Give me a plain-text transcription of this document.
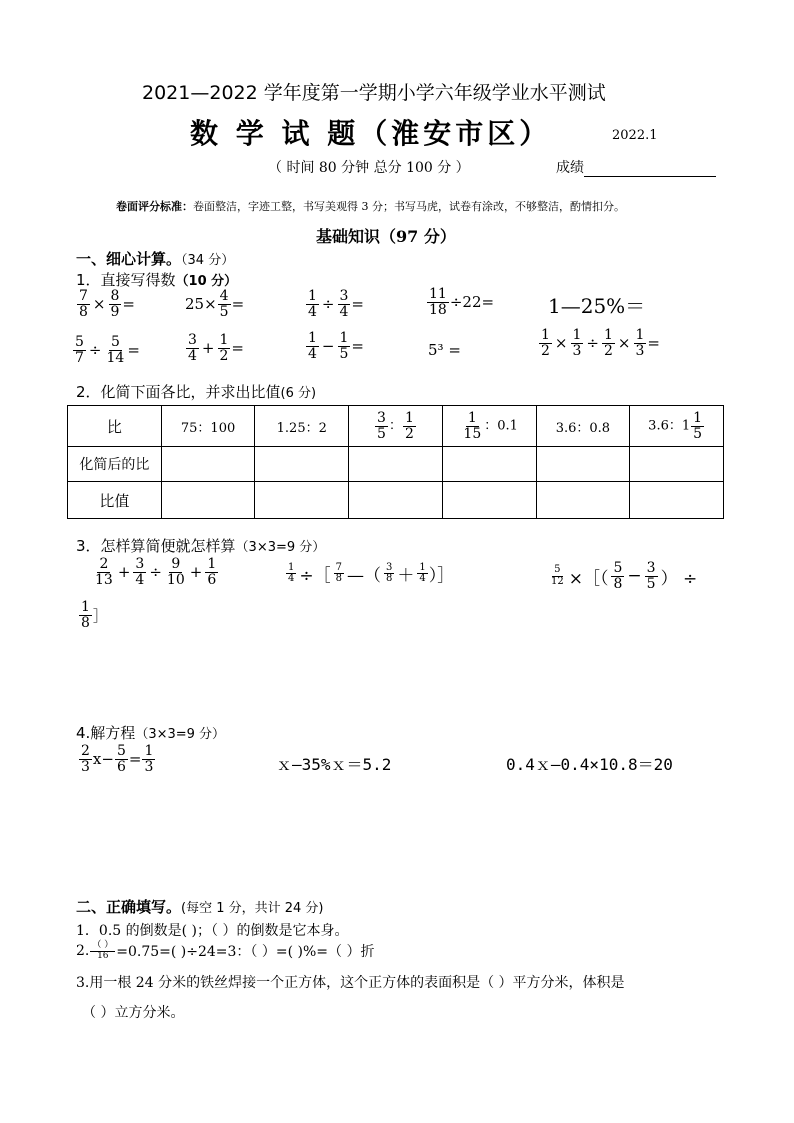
2021—2022 学年度第一学期小学六年级学业水平测试
数 学 试 题（淮安市区）	2022.1
（ 时间 80 分钟 总分 100 分 ）	成绩
卷面评分标准：卷面整洁，字迹工整，书写美观得 3 分；书写马虎，试卷有涂改，不够整洁，酌情扣分。
基础知识（97 分）
一、细心计算。（34 分）
1．直接写得数（10 分）
$\frac{7}{8} \times \frac{8}{9}$ =	$25\times \frac{4}{5}$ =	$\frac{1}{4} \div \frac{3}{4}$ =	$\frac{11}{18} \div 22=$	1—25%＝
$\frac{5}{7} \div \frac{5}{14}$ =	$\frac{3}{4} + \frac{1}{2}$ =	$\frac{1}{4} - \frac{1}{5}$ =	5³ =	$\frac{1}{2} \times \frac{1}{3} \div \frac{1}{2} \times \frac{1}{3}$ =
2．化简下面各比，并求出比值(6 分)
比	75：100	1.25：2	$\frac{3}{5}$ ： $\frac{1}{2}$	$\frac{1}{15}$ ：0.1	3.6：0.8	3.6：$1 \frac{1}{5}$

化简后的比						
比值						
3．怎样算简便就怎样算（3×3=9 分）
$\frac{2}{13} + \frac{3}{4} \div \frac{9}{10} + \frac{1}{6}$	$\frac{1}{4}$ ÷［ $\frac{7}{8}$ —（ $\frac{3}{8} + \frac{1}{4}$ ）］	$\frac{5}{12}$ ×［（ $\frac{5}{8} - \frac{3}{5}$ ） ÷
$\frac{1}{8}$ ］
4.解方程（3×3=9 分）
$\frac{2}{3} x- \frac{5}{6} = \frac{1}{3}$	ｘ—35%ｘ＝5.2	0.4ｘ—0.4×10.8＝20
二、正确填写。(每空 1 分，共计 24 分)
1．0.5 的倒数是( )；（ ）的倒数是它本身。
2. $\frac{( )}{16} =0.75=$( )÷24=3：（ ）=( )%=（ ）折
3.用一根 24 分米的铁丝焊接一个正方体，这个正方体的表面积是（ ）平方分米，体积是
（ ）立方分米。
